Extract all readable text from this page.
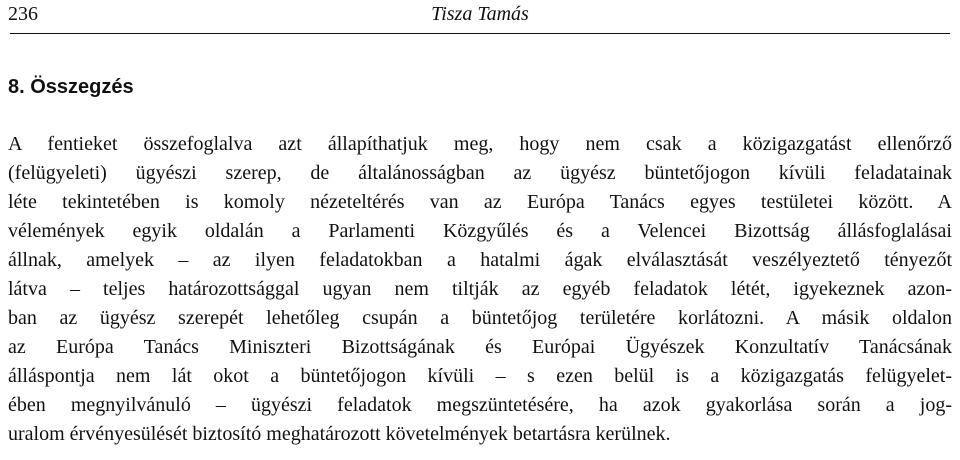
236	Tisza Tamás
8. Összegzés
A fentieket összefoglalva azt állapíthatjuk meg, hogy nem csak a közigazgatást ellenőrző
(felügyeleti) ügyészi szerep, de általánosságban az ügyész büntetőjogon kívüli feladatainak
léte tekintetében is komoly nézeteltérés van az Európa Tanács egyes testületei között. A
vélemények egyik oldalán a Parlamenti Közgyűlés és a Velencei Bizottság állásfoglalásai
állnak, amelyek – az ilyen feladatokban a hatalmi ágak elválasztását veszélyeztető tényezőt
látva – teljes határozottsággal ugyan nem tiltják az egyéb feladatok létét, igyekeznek azon-
ban az ügyész szerepét lehetőleg csupán a büntetőjog területére korlátozni. A másik oldalon
az Európa Tanács Miniszteri Bizottságának és Európai Ügyészek Konzultatív Tanácsának
álláspontja nem lát okot a büntetőjogon kívüli – s ezen belül is a közigazgatás felügyelet-
ében megnyilvánuló – ügyészi feladatok megszüntetésére, ha azok gyakorlása során a jog-
uralom érvényesülését biztosító meghatározott követelmények betartásra kerülnek.
